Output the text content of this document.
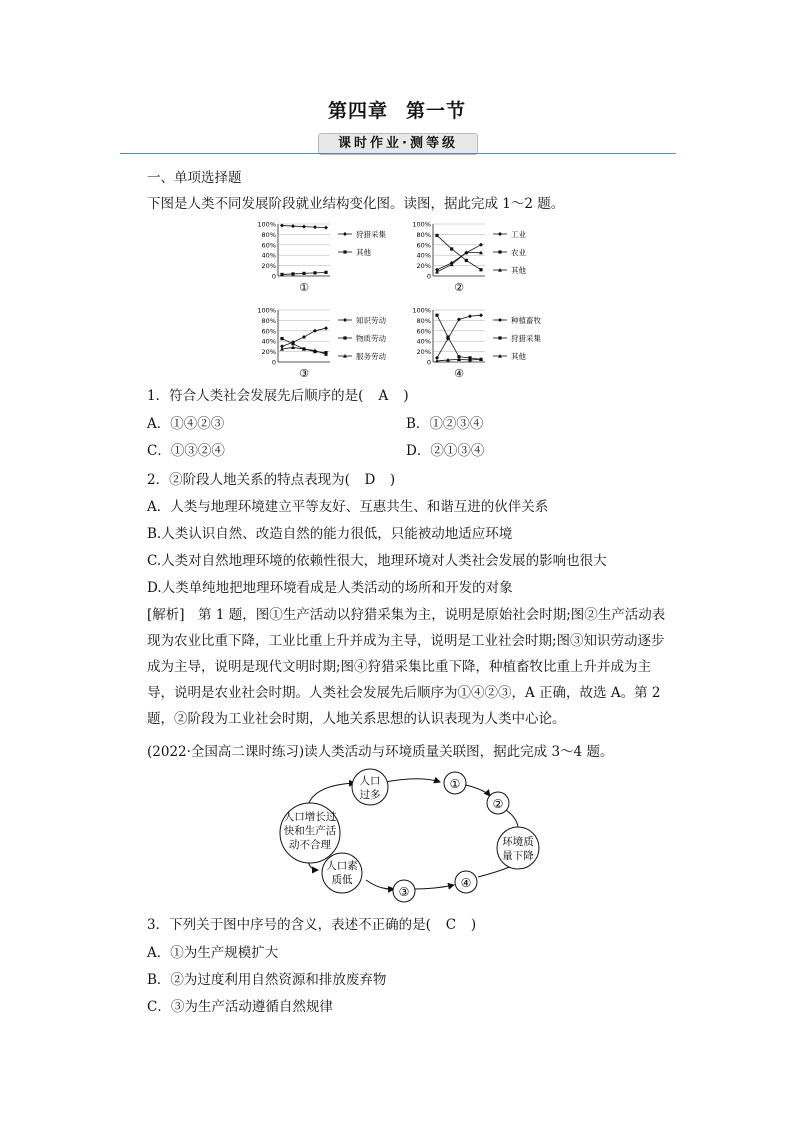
第四章 第一节
课时作业·测等级
一、单项选择题
下图是人类不同发展阶段就业结构变化图。读图，据此完成 1～2 题。
100%
80%
60%
40%
20%
0
狩猎采集
其他
①
100%
80%
60%
40%
20%
0
工业
农业
其他
②
100%
80%
60%
40%
20%
0
知识劳动
物质劳动
服务劳动
③
100%
80%
60%
40%
20%
0
种植畜牧
狩猎采集
其他
④
1．符合人类社会发展先后顺序的是( A )
A．①④②③	B．①②③④
C．①③②④	D．②①③④
2．②阶段人地关系的特点表现为( D )
A．人类与地理环境建立平等友好、互惠共生、和谐互进的伙伴关系
B.人类认识自然、改造自然的能力很低，只能被动地适应环境
C.人类对自然地理环境的依赖性很大，地理环境对人类社会发展的影响也很大
D.人类单纯地把地理环境看成是人类活动的场所和开发的对象
[解析]　第 1 题，图①生产活动以狩猎采集为主，说明是原始社会时期;图②生产活动表现为农业比重下降，工业比重上升并成为主导，说明是工业社会时期;图③知识劳动逐步成为主导，说明是现代文明时期;图④狩猎采集比重下降，种植畜牧比重上升并成为主导，说明是农业社会时期。人类社会发展先后顺序为①④②③，A 正确，故选 A。第 2 题，②阶段为工业社会时期，人地关系思想的认识表现为人类中心论。
(2022·全国高二课时练习)读人类活动与环境质量关联图，据此完成 3～4 题。
人口增长过
快和生产活
动不合理
人口
过多
人口素
质低
环境质
量下降
①
②
③
④
3．下列关于图中序号的含义，表述不正确的是( C )
A．①为生产规模扩大
B．②为过度利用自然资源和排放废弃物
C．③为生产活动遵循自然规律
